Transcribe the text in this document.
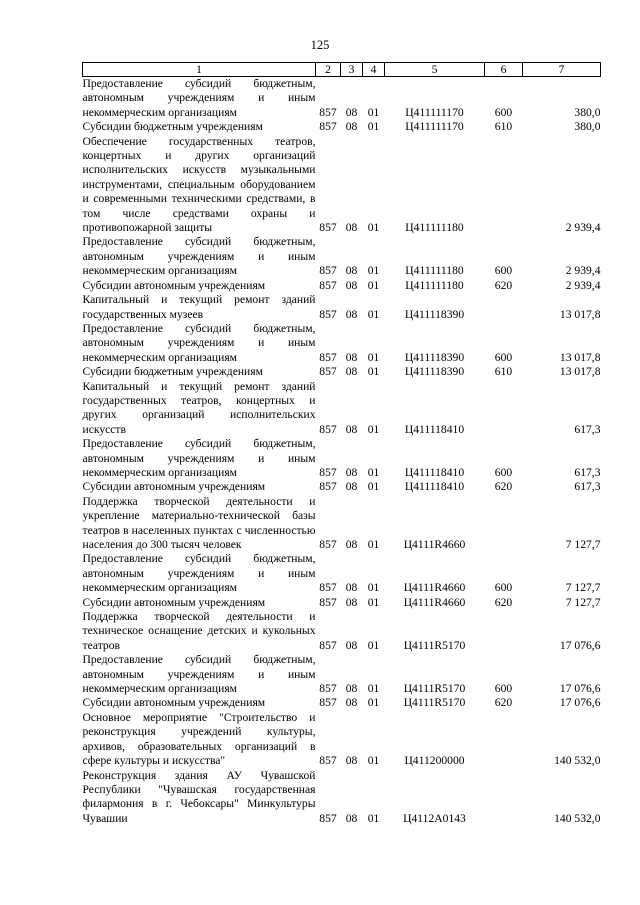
125
1	2	3	4	5	6	7
Предоставление субсидий бюджетным, автономным учреждениям и иным некоммерческим организациям	857	08	01	Ц411111170	600	380,0
Субсидии бюджетным учреждениям	857	08	01	Ц411111170	610	380,0
Обеспечение государственных театров, концертных и других организаций исполнительских искусств музыкальными инструментами, специальным оборудованием и современными техническими средствами, в том числе средствами охраны и противопожарной защиты	857	08	01	Ц411111180		2 939,4
Предоставление субсидий бюджетным, автономным учреждениям и иным некоммерческим организациям	857	08	01	Ц411111180	600	2 939,4
Субсидии автономным учреждениям	857	08	01	Ц411111180	620	2 939,4
Капитальный и текущий ремонт зданий государственных музеев	857	08	01	Ц411118390		13 017,8
Предоставление субсидий бюджетным, автономным учреждениям и иным некоммерческим организациям	857	08	01	Ц411118390	600	13 017,8
Субсидии бюджетным учреждениям	857	08	01	Ц411118390	610	13 017,8
Капитальный и текущий ремонт зданий государственных театров, концертных и других организаций исполнительских искусств	857	08	01	Ц411118410		617,3
Предоставление субсидий бюджетным, автономным учреждениям и иным некоммерческим организациям	857	08	01	Ц411118410	600	617,3
Субсидии автономным учреждениям	857	08	01	Ц411118410	620	617,3
Поддержка творческой деятельности и укрепление материально-технической базы театров в населенных пунктах с численностью населения до 300 тысяч человек	857	08	01	Ц4111R4660		7 127,7
Предоставление субсидий бюджетным, автономным учреждениям и иным некоммерческим организациям	857	08	01	Ц4111R4660	600	7 127,7
Субсидии автономным учреждениям	857	08	01	Ц4111R4660	620	7 127,7
Поддержка творческой деятельности и техническое оснащение детских и кукольных театров	857	08	01	Ц4111R5170		17 076,6
Предоставление субсидий бюджетным, автономным учреждениям и иным некоммерческим организациям	857	08	01	Ц4111R5170	600	17 076,6
Субсидии автономным учреждениям	857	08	01	Ц4111R5170	620	17 076,6
Основное мероприятие "Строительство и реконструкция учреждений культуры, архивов, образовательных организаций в сфере культуры и искусства"	857	08	01	Ц411200000		140 532,0
Реконструкция здания АУ Чувашской Республики "Чувашская государственная филармония в г. Чебоксары" Минкультуры Чувашии	857	08	01	Ц4112А0143		140 532,0
